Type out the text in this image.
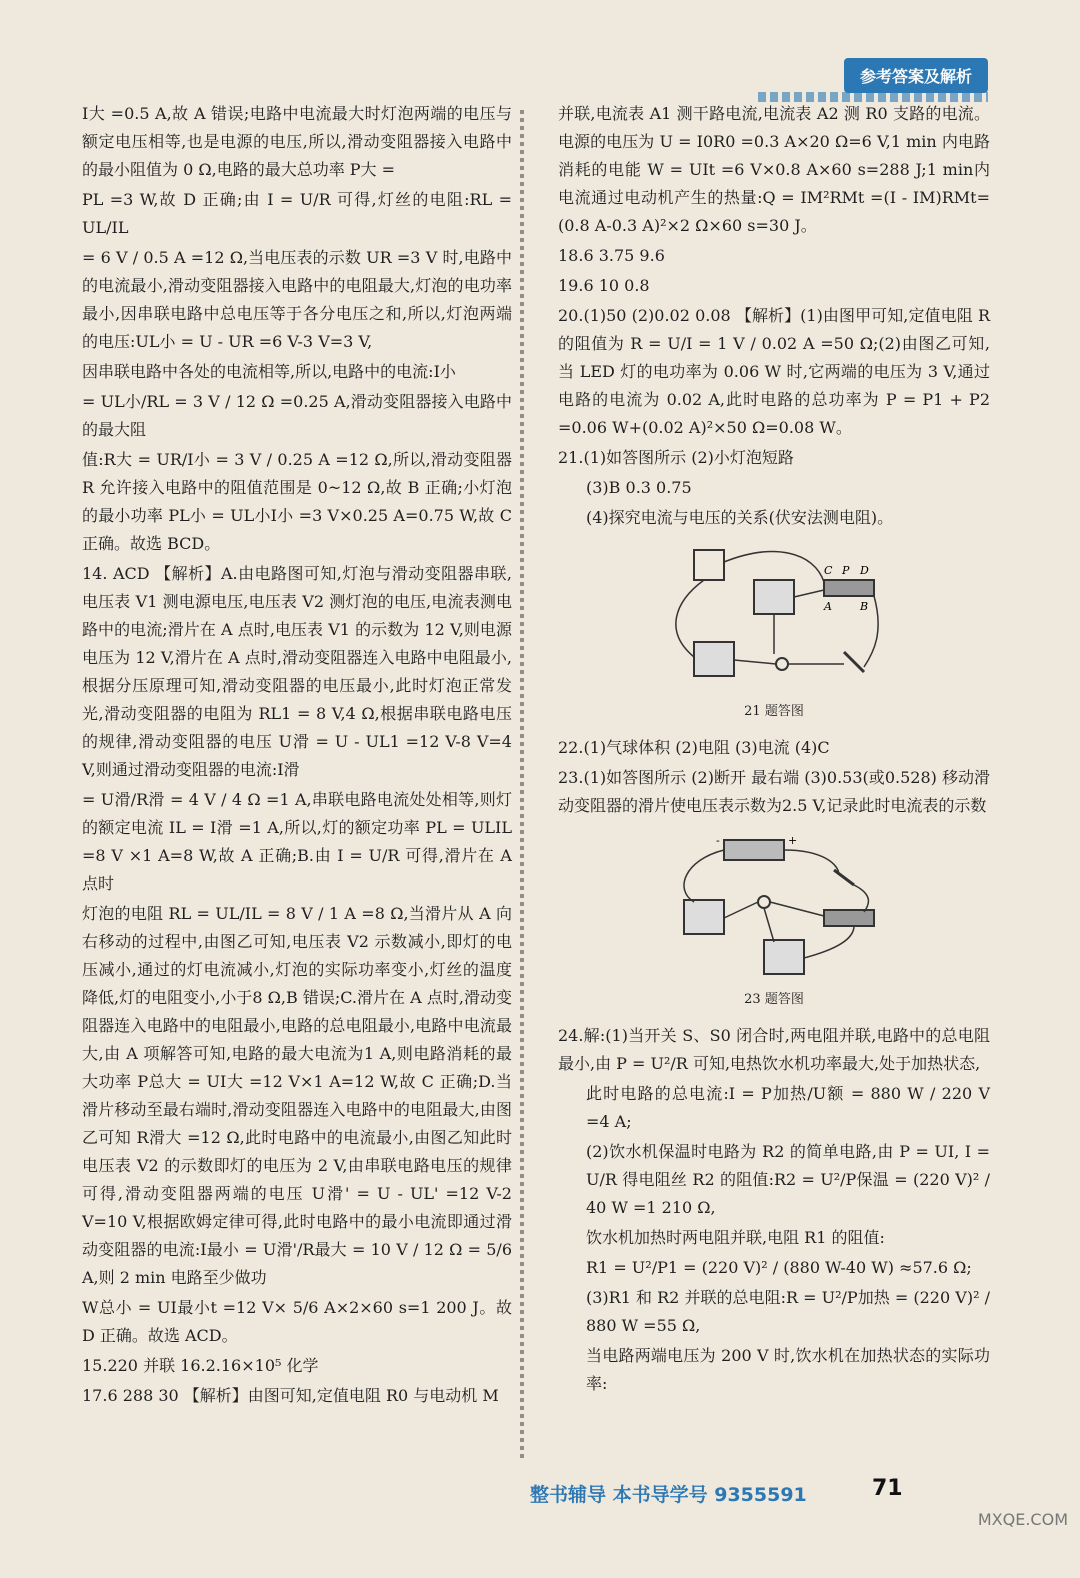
参考答案及解析

I大 =0.5 A,故 A 错误;电路中电流最大时灯泡两端的电压与额定电压相等,也是电源的电压,所以,滑动变阻器接入电路中的最小阻值为 0 Ω,电路的最大总功率 P大 =

PL =3 W,故 D 正确;由 I = U/R 可得,灯丝的电阻:RL = UL/IL

= 6 V / 0.5 A =12 Ω,当电压表的示数 UR =3 V 时,电路中的电流最小,滑动变阻器接入电路中的电阻最大,灯泡的电功率最小,因串联电路中总电压等于各分电压之和,所以,灯泡两端的电压:UL小 = U - UR =6 V-3 V=3 V,

因串联电路中各处的电流相等,所以,电路中的电流:I小

= UL小/RL = 3 V / 12 Ω =0.25 A,滑动变阻器接入电路中的最大阻

值:R大 = UR/I小 = 3 V / 0.25 A =12 Ω,所以,滑动变阻器 R 允许接入电路中的阻值范围是 0~12 Ω,故 B 正确;小灯泡的最小功率 PL小 = UL小I小 =3 V×0.25 A=0.75 W,故 C 正确。故选 BCD。

14. ACD 【解析】A.由电路图可知,灯泡与滑动变阻器串联,电压表 V1 测电源电压,电压表 V2 测灯泡的电压,电流表测电路中的电流;滑片在 A 点时,电压表 V1 的示数为 12 V,则电源电压为 12 V,滑片在 A 点时,滑动变阻器连入电路中电阻最小,根据分压原理可知,滑动变阻器的电压最小,此时灯泡正常发光,滑动变阻器的电阻为 RL1 = 8 V,4 Ω,根据串联电路电压的规律,滑动变阻器的电压 U滑 = U - UL1 =12 V-8 V=4 V,则通过滑动变阻器的电流:I滑

= U滑/R滑 = 4 V / 4 Ω =1 A,串联电路电流处处相等,则灯的额定电流 IL = I滑 =1 A,所以,灯的额定功率 PL = ULIL =8 V ×1 A=8 W,故 A 正确;B.由 I = U/R 可得,滑片在 A 点时

灯泡的电阻 RL = UL/IL = 8 V / 1 A =8 Ω,当滑片从 A 向右移动的过程中,由图乙可知,电压表 V2 示数减小,即灯的电压减小,通过的灯电流减小,灯泡的实际功率变小,灯丝的温度降低,灯的电阻变小,小于8 Ω,B 错误;C.滑片在 A 点时,滑动变阻器连入电路中的电阻最小,电路的总电阻最小,电路中电流最大,由 A 项解答可知,电路的最大电流为1 A,则电路消耗的最大功率 P总大 = UI大 =12 V×1 A=12 W,故 C 正确;D.当滑片移动至最右端时,滑动变阻器连入电路中的电阻最大,由图乙可知 R滑大 =12 Ω,此时电路中的电流最小,由图乙知此时电压表 V2 的示数即灯的电压为 2 V,由串联电路电压的规律可得,滑动变阻器两端的电压 U滑' = U - UL' =12 V-2 V=10 V,根据欧姆定律可得,此时电路中的最小电流即通过滑动变阻器的电流:I最小 = U滑'/R最大 = 10 V / 12 Ω = 5/6 A,则 2 min 电路至少做功

W总小 = UI最小t =12 V× 5/6 A×2×60 s=1 200 J。故 D 正确。故选 ACD。

15.220 并联 16.2.16×10⁵ 化学

17.6 288 30 【解析】由图可知,定值电阻 R0 与电动机 M

并联,电流表 A1 测干路电流,电流表 A2 测 R0 支路的电流。电源的电压为 U = I0R0 =0.3 A×20 Ω=6 V,1 min 内电路消耗的电能 W = UIt =6 V×0.8 A×60 s=288 J;1 min内电流通过电动机产生的热量:Q = IM²RMt =(I - IM)RMt=(0.8 A-0.3 A)²×2 Ω×60 s=30 J。

18.6 3.75 9.6

19.6 10 0.8

20.(1)50 (2)0.02 0.08 【解析】(1)由图甲可知,定值电阻 R 的阻值为 R = U/I = 1 V / 0.02 A =50 Ω;(2)由图乙可知,当 LED 灯的电功率为 0.06 W 时,它两端的电压为 3 V,通过电路的电流为 0.02 A,此时电路的总功率为 P = P1 + P2 =0.06 W+(0.02 A)²×50 Ω=0.08 W。

21.(1)如答图所示 (2)小灯泡短路

(3)B 0.3 0.75

(4)探究电流与电压的关系(伏安法测电阻)。

C P D
A	B
21 题答图

22.(1)气球体积 (2)电阻 (3)电流 (4)C

23.(1)如答图所示 (2)断开 最右端 (3)0.53(或0.528) 移动滑动变阻器的滑片使电压表示数为2.5 V,记录此时电流表的示数

-	+
23 题答图

24.解:(1)当开关 S、S0 闭合时,两电阻并联,电路中的总电阻最小,由 P = U²/R 可知,电热饮水机功率最大,处于加热状态,

此时电路的总电流:I = P加热/U额 = 880 W / 220 V =4 A;

(2)饮水机保温时电路为 R2 的简单电路,由 P = UI, I = U/R 得电阻丝 R2 的阻值:R2 = U²/P保温 = (220 V)² / 40 W =1 210 Ω,

饮水机加热时两电阻并联,电阻 R1 的阻值:

R1 = U²/P1 = (220 V)² / (880 W-40 W) ≈57.6 Ω;

(3)R1 和 R2 并联的总电阻:R = U²/P加热 = (220 V)² / 880 W =55 Ω,

当电路两端电压为 200 V 时,饮水机在加热状态的实际功率:

整书辅导 本书导学号 9355591	71
MXQE.COM
